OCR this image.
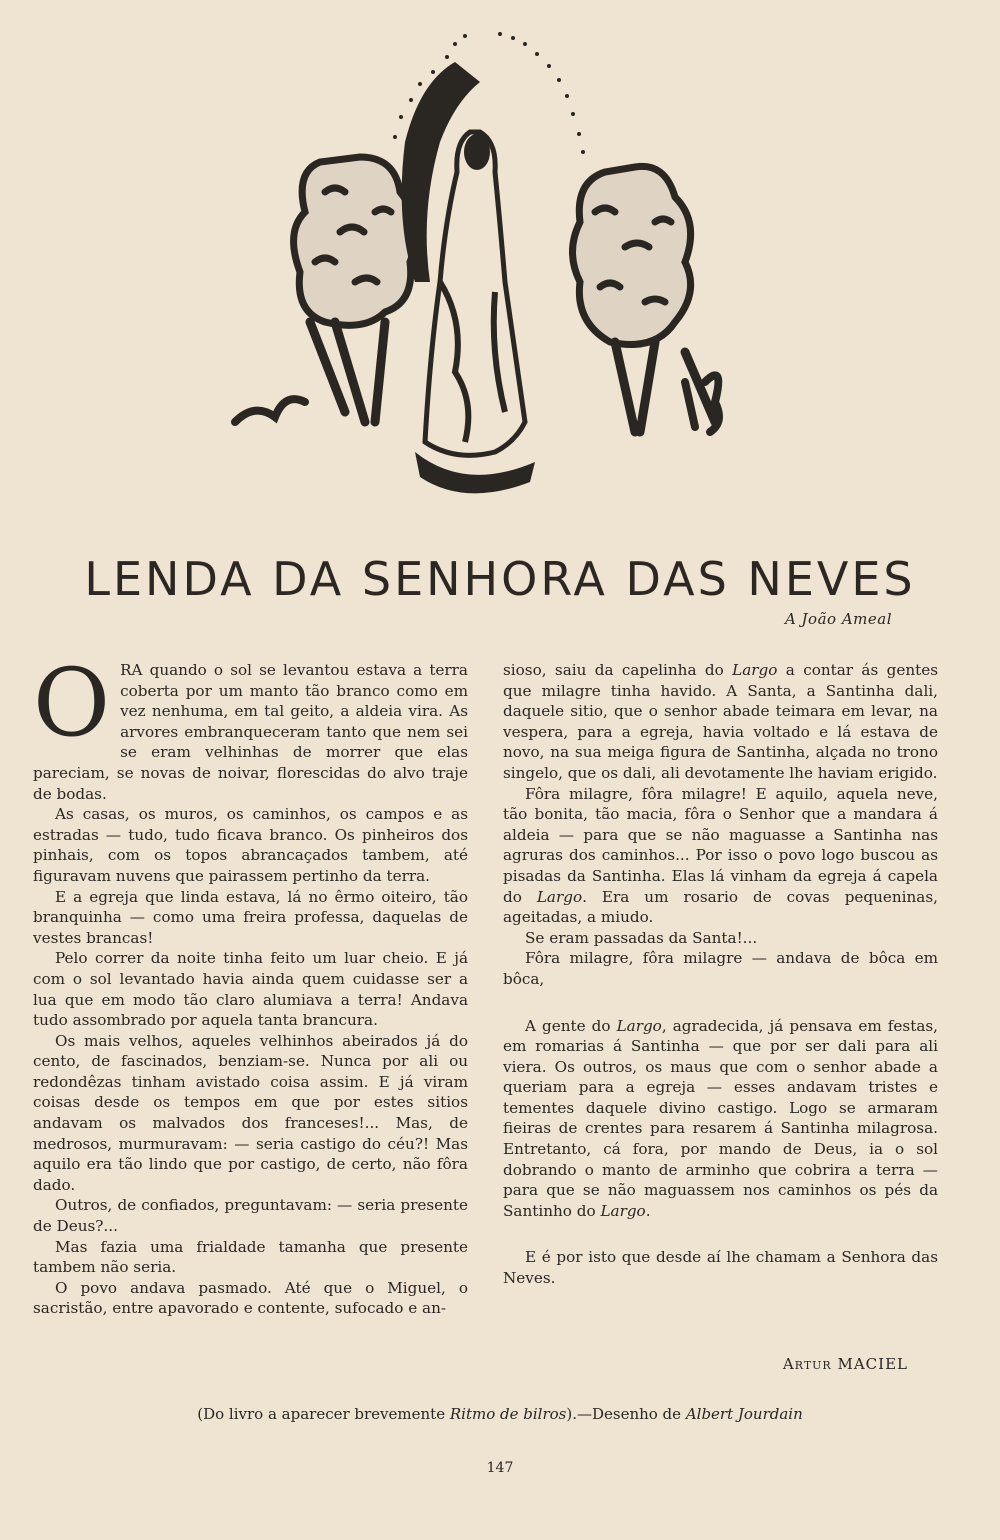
LENDA DA SENHORA DAS NEVES
A João Ameal

ORA quando o sol se levantou estava a terra coberta por um manto tão branco como em vez nenhuma, em tal geito, a aldeia vira. As arvores embranqueceram tanto que nem sei se eram velhinhas de morrer que elas pareciam, se novas de noivar, florescidas do alvo traje de bodas.

As casas, os muros, os caminhos, os campos e as estradas — tudo, tudo ficava branco. Os pinheiros dos pinhais, com os topos abrancaçados tambem, até figuravam nuvens que pairassem pertinho da terra.

E a egreja que linda estava, lá no êrmo oiteiro, tão branquinha — como uma freira professa, daquelas de vestes brancas!

Pelo correr da noite tinha feito um luar cheio. E já com o sol levantado havia ainda quem cuidasse ser a lua que em modo tão claro alumiava a terra! Andava tudo assombrado por aquela tanta brancura.

Os mais velhos, aqueles velhinhos abeirados já do cento, de fascinados, benziam-se. Nunca por ali ou redondêzas tinham avistado coisa assim. E já viram coisas desde os tempos em que por estes sitios andavam os malvados dos franceses!... Mas, de medrosos, murmuravam: — seria castigo do céu?! Mas aquilo era tão lindo que por castigo, de certo, não fôra dado.

Outros, de confiados, preguntavam: — seria presente de Deus?...

Mas fazia uma frialdade tamanha que presente tambem não seria.

O povo andava pasmado. Até que o Miguel, o sacristão, entre apavorado e contente, sufocado e an-

sioso, saiu da capelinha do Largo a contar ás gentes que milagre tinha havido. A Santa, a Santinha dali, daquele sitio, que o senhor abade teimara em levar, na vespera, para a egreja, havia voltado e lá estava de novo, na sua meiga figura de Santinha, alçada no trono singelo, que os dali, ali devotamente lhe haviam erigido.

Fôra milagre, fôra milagre! E aquilo, aquela neve, tão bonita, tão macia, fôra o Senhor que a mandara á aldeia — para que se não maguasse a Santinha nas agruras dos caminhos... Por isso o povo logo buscou as pisadas da Santinha. Elas lá vinham da egreja á capela do Largo. Era um rosario de covas pequeninas, ageitadas, a miudo.

Se eram passadas da Santa!...

Fôra milagre, fôra milagre — andava de bôca em bôca,

A gente do Largo, agradecida, já pensava em festas, em romarias á Santinha — que por ser dali para ali viera. Os outros, os maus que com o senhor abade a queriam para a egreja — esses andavam tristes e tementes daquele divino castigo. Logo se armaram fieiras de crentes para resarem á Santinha milagrosa. Entretanto, cá fora, por mando de Deus, ia o sol dobrando o manto de arminho que cobrira a terra — para que se não maguassem nos caminhos os pés da Santinho do Largo.

E é por isto que desde aí lhe chamam a Senhora das Neves.

Artur MACIEL
(Do livro a aparecer brevemente Ritmo de bilros).—Desenho de Albert Jourdain
147
